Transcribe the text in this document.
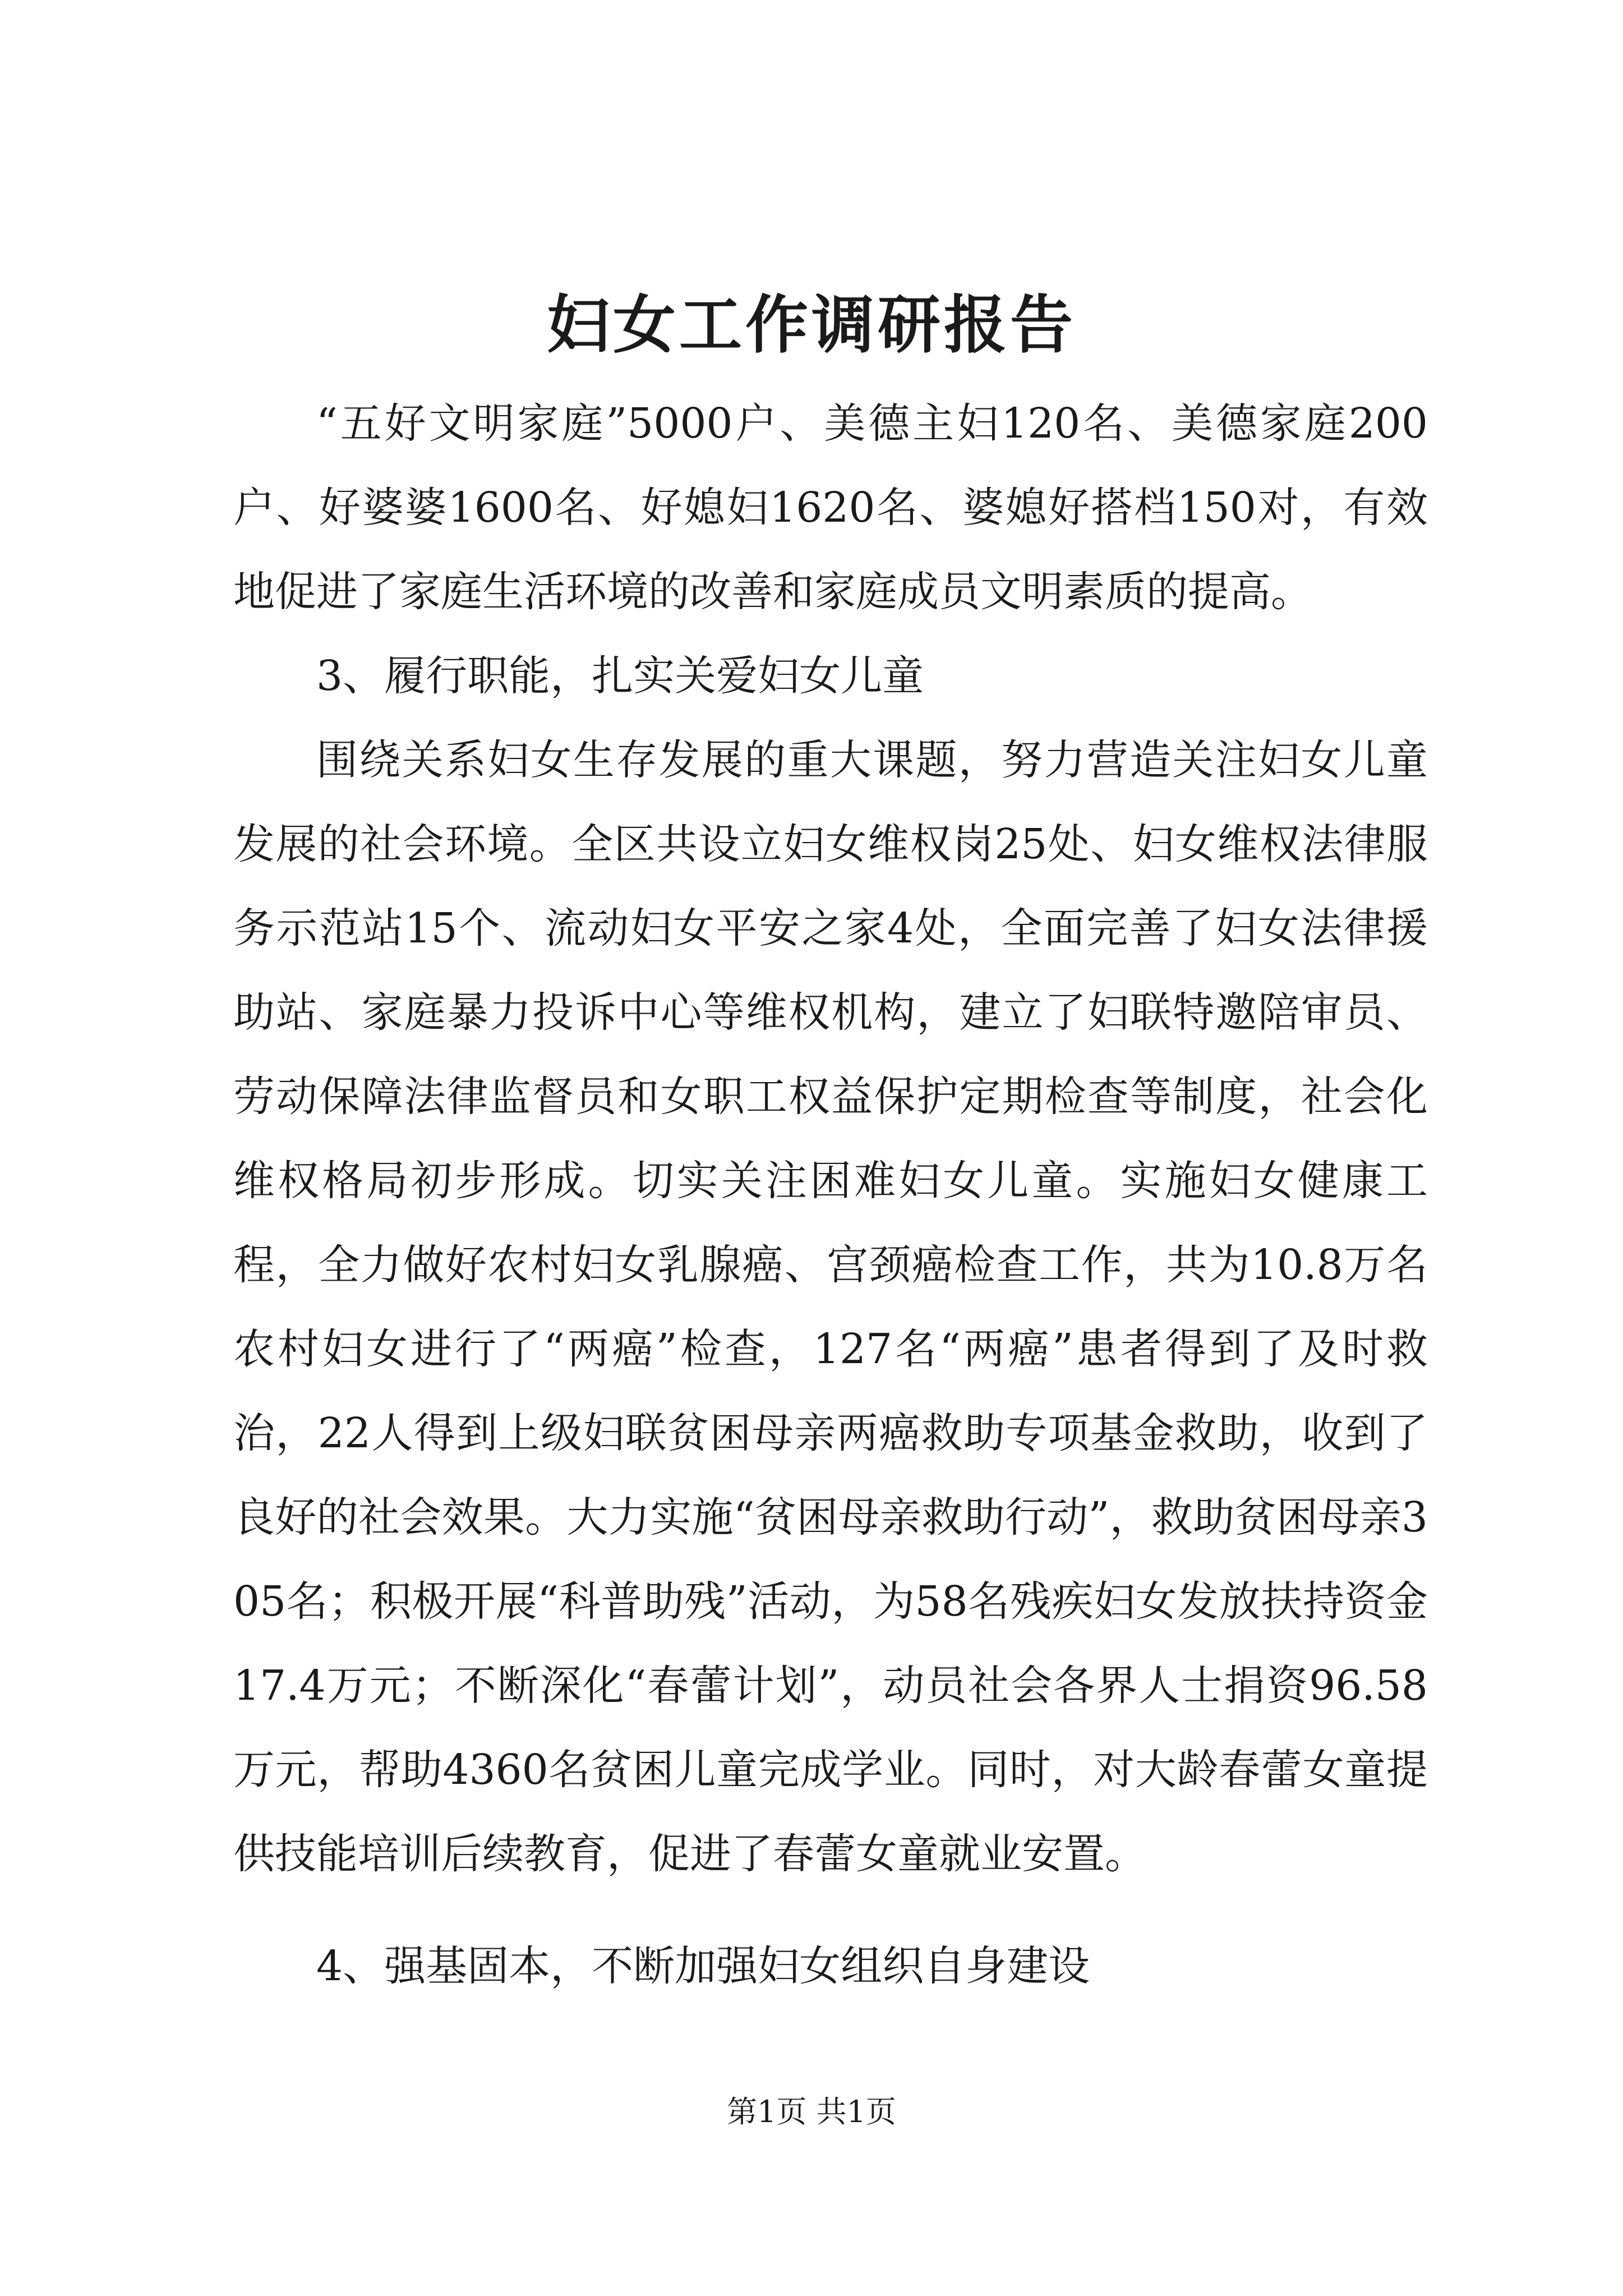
妇女工作调研报告

“五好文明家庭”5000户、美德主妇120名、美德家庭200户、好婆婆1600名、好媳妇1620名、婆媳好搭档150对，有效地促进了家庭生活环境的改善和家庭成员文明素质的提高。

3、履行职能，扎实关爱妇女儿童

围绕关系妇女生存发展的重大课题，努力营造关注妇女儿童发展的社会环境。全区共设立妇女维权岗25处、妇女维权法律服务示范站15个、流动妇女平安之家4处，全面完善了妇女法律援助站、家庭暴力投诉中心等维权机构，建立了妇联特邀陪审员、劳动保障法律监督员和女职工权益保护定期检查等制度，社会化维权格局初步形成。切实关注困难妇女儿童。实施妇女健康工程，全力做好农村妇女乳腺癌、宫颈癌检查工作，共为10.8万名农村妇女进行了“两癌”检查，127名“两癌”患者得到了及时救治，22人得到上级妇联贫困母亲两癌救助专项基金救助，收到了良好的社会效果。大力实施“贫困母亲救助行动”，救助贫困母亲305名；积极开展“科普助残”活动，为58名残疾妇女发放扶持资金17.4万元；不断深化“春蕾计划”，动员社会各界人士捐资96.58万元，帮助4360名贫困儿童完成学业。同时，对大龄春蕾女童提供技能培训后续教育，促进了春蕾女童就业安置。

4、强基固本，不断加强妇女组织自身建设

第1页 共1页
